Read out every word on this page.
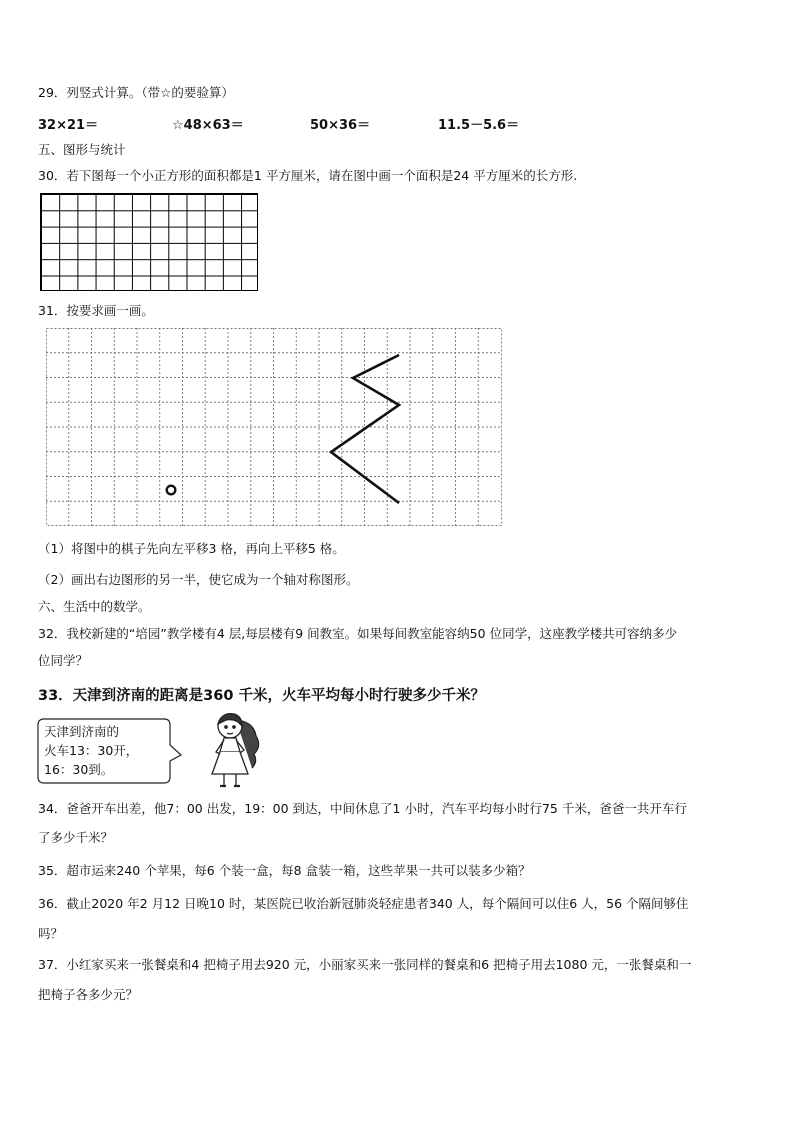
29．列竖式计算。（带☆的要验算）
32×21＝	☆48×63＝	50×36＝	11.5－5.6＝
五、图形与统计
30．若下图每一个小正方形的面积都是1 平方厘米，请在图中画一个面积是24 平方厘米的长方形.
31．按要求画一画。
（1）将图中的棋子先向左平移3 格，再向上平移5 格。
（2）画出右边图形的另一半，使它成为一个轴对称图形。
六、生活中的数学。
32．我校新建的“培园”教学楼有4 层,每层楼有9 间教室。如果每间教室能容纳50 位同学，这座教学楼共可容纳多少
位同学？
33．天津到济南的距离是360 千米，火车平均每小时行驶多少千米？
天津到济南的
火车13：30开，
16：30到。
34．爸爸开车出差，他7：00 出发，19：00 到达，中间休息了1 小时，汽车平均每小时行75 千米，爸爸一共开车行
了多少千米？
35．超市运来240 个苹果，每6 个装一盒，每8 盒装一箱，这些苹果一共可以装多少箱？
36．截止2020 年2 月12 日晚10 时，某医院已收治新冠肺炎轻症患者340 人，每个隔间可以住6 人，56 个隔间够住
吗？
37．小红家买来一张餐桌和4 把椅子用去920 元，小丽家买来一张同样的餐桌和6 把椅子用去1080 元，一张餐桌和一
把椅子各多少元？
